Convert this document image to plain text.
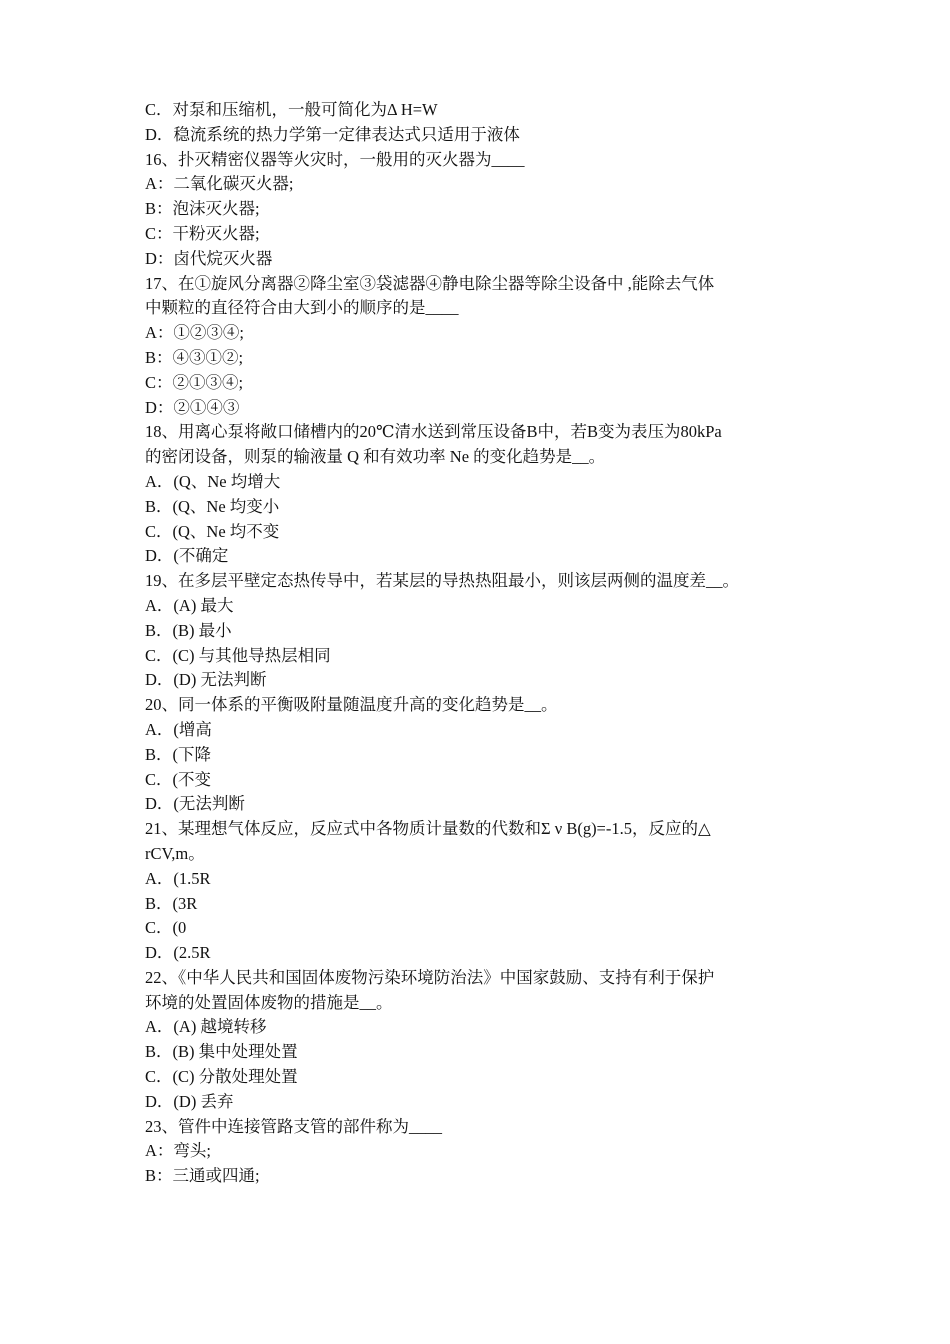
C．对泵和压缩机，一般可简化为Δ H=W
D．稳流系统的热力学第一定律表达式只适用于液体
16、扑灭精密仪器等火灾时，一般用的灭火器为____
A：二氧化碳灭火器;
B：泡沫灭火器;
C：干粉灭火器;
D：卤代烷灭火器
17、在①旋风分离器②降尘室③袋滤器④静电除尘器等除尘设备中 ,能除去气体
中颗粒的直径符合由大到小的顺序的是____
A：①②③④;
B：④③①②;
C：②①③④;
D：②①④③
18、用离心泵将敞口储槽内的20℃清水送到常压设备B中，若B变为表压为80kPa
的密闭设备，则泵的输液量 Q 和有效功率 Ne 的变化趋势是__。
A．(Q、Ne 均增大
B．(Q、Ne 均变小
C．(Q、Ne 均不变
D．(不确定
19、在多层平壁定态热传导中，若某层的导热热阻最小，则该层两侧的温度差__。
A．(A) 最大
B．(B) 最小
C．(C) 与其他导热层相同
D．(D) 无法判断
20、同一体系的平衡吸附量随温度升高的变化趋势是__。
A．(增高
B．(下降
C．(不变
D．(无法判断
21、某理想气体反应，反应式中各物质计量数的代数和Σ ν B(g)=-1.5，反应的△
rCV,m。
A．(1.5R
B．(3R
C．(0
D．(2.5R
22、《中华人民共和国固体废物污染环境防治法》中国家鼓励、支持有利于保护
环境的处置固体废物的措施是__。
A．(A) 越境转移
B．(B) 集中处理处置
C．(C) 分散处理处置
D．(D) 丢弃
23、管件中连接管路支管的部件称为____
A：弯头;
B：三通或四通;
